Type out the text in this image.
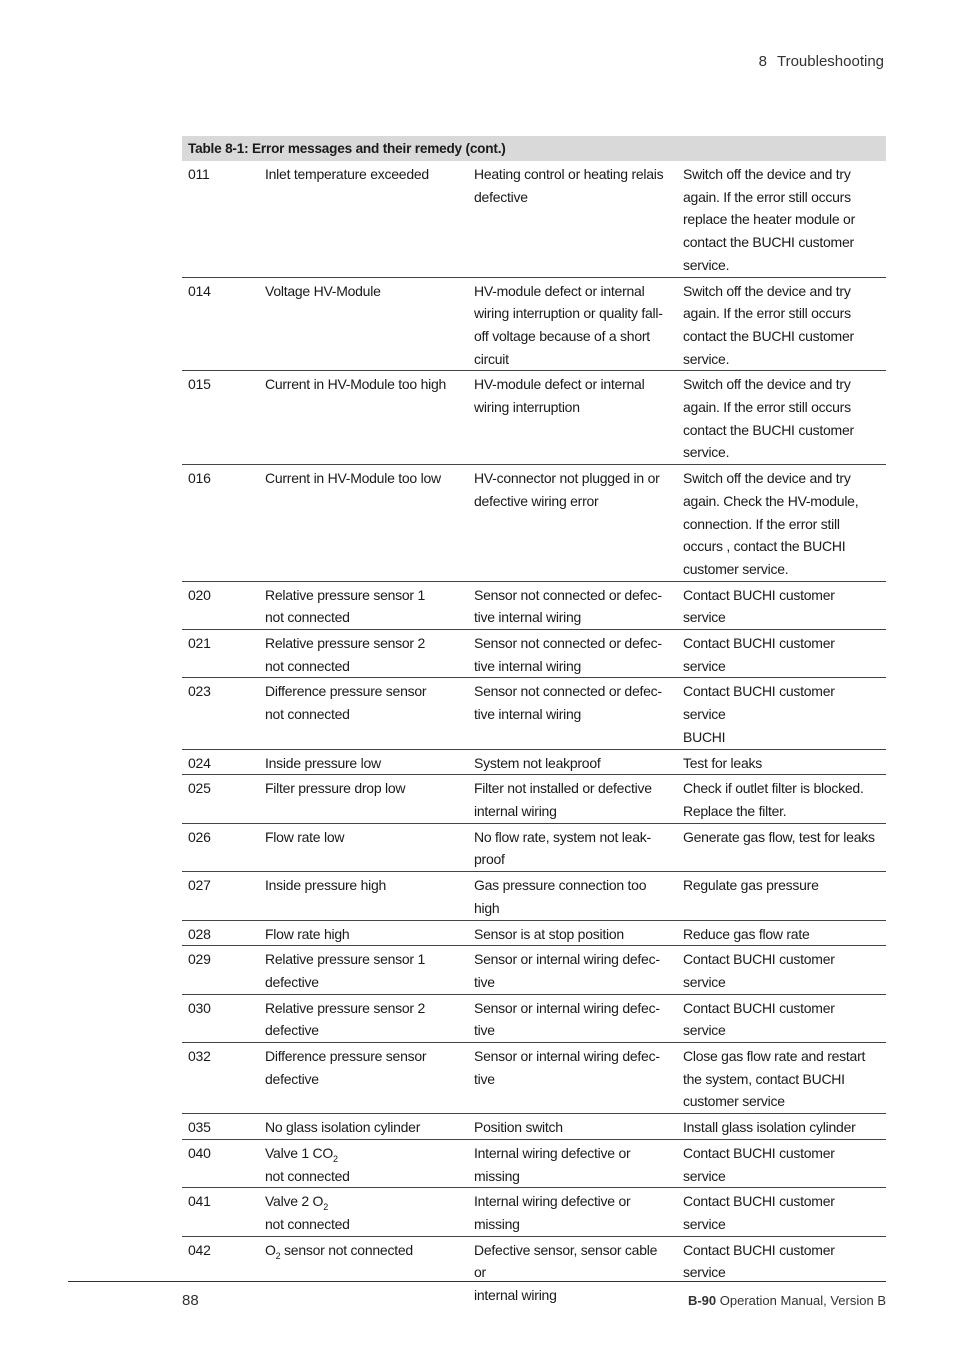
8 Troubleshooting
Table 8-1: Error messages and their remedy (cont.)
011	Inlet temperature exceeded	Heating control or heating relais
defective	Switch off the device and try
again. If the error still occurs
replace the heater module or
contact the BUCHI customer
service.

014	Voltage HV-Module	HV-module defect or internal
wiring interruption or quality fall-
off voltage because of a short
circuit	Switch off the device and try
again. If the error still occurs
contact the BUCHI customer
service.

015	Current in HV-Module too high	HV-module defect or internal
wiring interruption	Switch off the device and try
again. If the error still occurs
contact the BUCHI customer
service.

016	Current in HV-Module too low	HV-connector not plugged in or
defective wiring error	Switch off the device and try
again. Check the HV-module,
connection. If the error still
occurs , contact the BUCHI
customer service.

020	Relative pressure sensor 1
not connected	Sensor not connected or defec-
tive internal wiring	Contact BUCHI customer service

021	Relative pressure sensor 2
not connected	Sensor not connected or defec-
tive internal wiring	Contact BUCHI customer service

023	Difference pressure sensor
not connected	Sensor not connected or defec-
tive internal wiring	Contact BUCHI customer service
BUCHI

024	Inside pressure low	System not leakproof	Test for leaks

025	Filter pressure drop low	Filter not installed or defective
internal wiring	Check if outlet filter is blocked.
Replace the filter.

026	Flow rate low	No flow rate, system not leak-
proof	Generate gas flow, test for leaks

027	Inside pressure high	Gas pressure connection too
high	Regulate gas pressure

028	Flow rate high	Sensor is at stop position	Reduce gas flow rate

029	Relative pressure sensor 1
defective	Sensor or internal wiring defec-
tive	Contact BUCHI customer service

030	Relative pressure sensor 2
defective	Sensor or internal wiring defec-
tive	Contact BUCHI customer service

032	Difference pressure sensor
defective	Sensor or internal wiring defec-
tive	Close gas flow rate and restart
the system, contact BUCHI
customer service

035	No glass isolation cylinder	Position switch	Install glass isolation cylinder

040	Valve 1 $CO_2$
not connected	Internal wiring defective or
missing	Contact BUCHI customer service

041	Valve 2 $O_2$
not connected	Internal wiring defective or
missing	Contact BUCHI customer service

042	$O_2$ sensor not connected	Defective sensor, sensor cable or
internal wiring	Contact BUCHI customer service
88	B-90 Operation Manual, Version B
